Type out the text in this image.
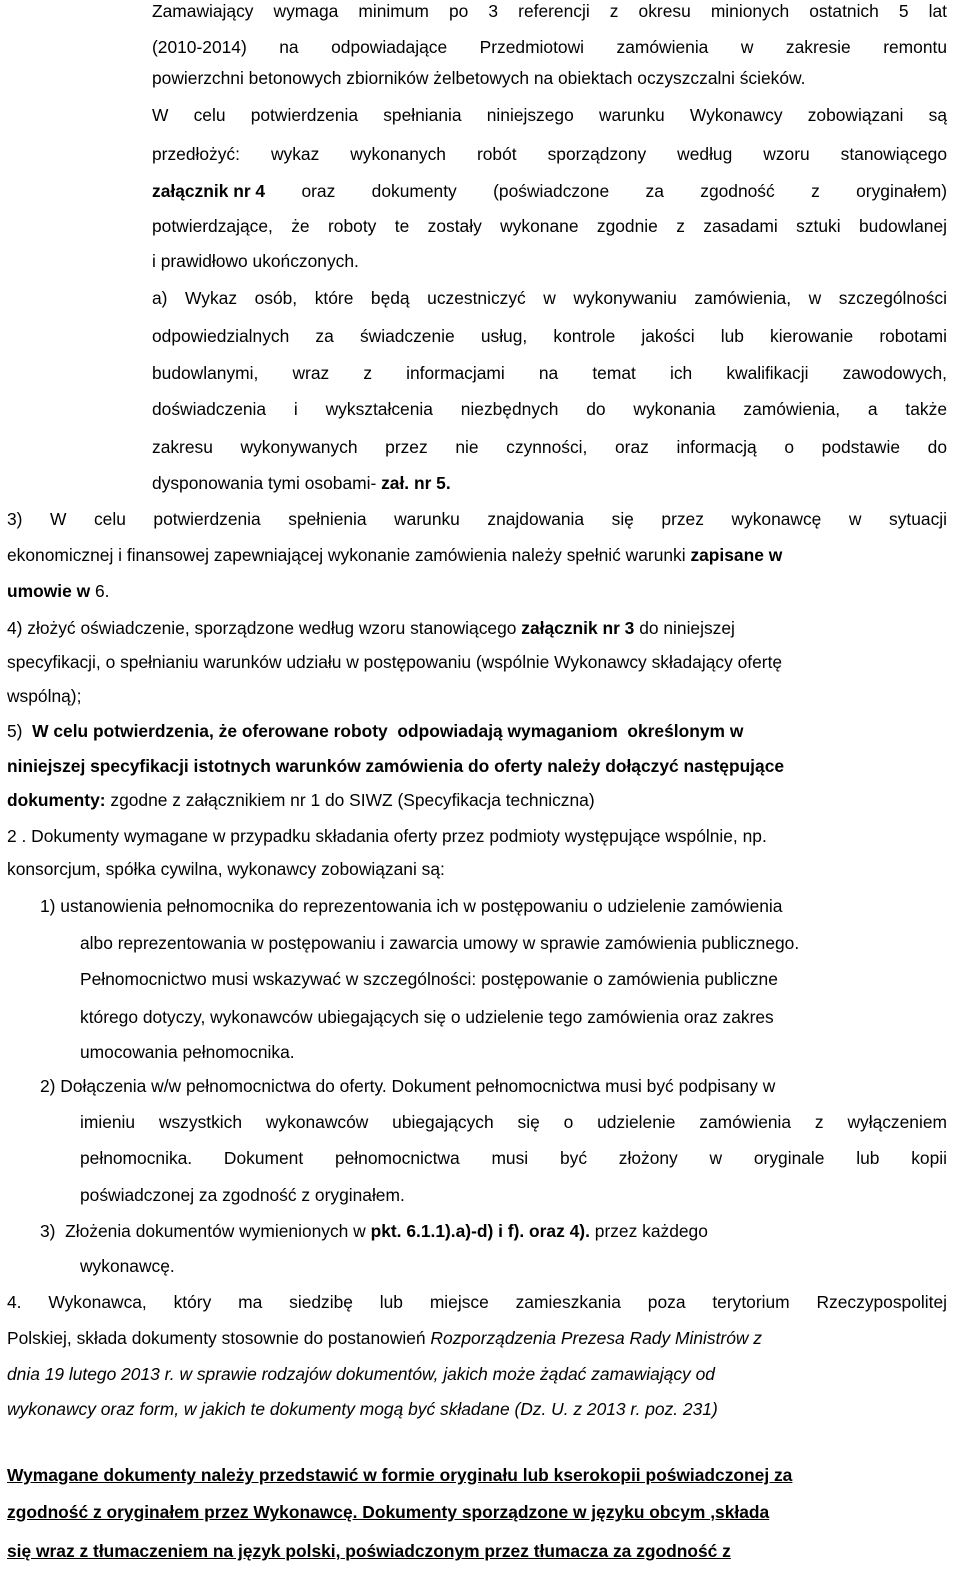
Zamawiający wymaga minimum po 3 referencji z okresu minionych ostatnich 5 lat
(2010-2014) na odpowiadające Przedmiotowi zamówienia w zakresie remontu
powierzchni betonowych zbiorników żelbetowych na obiektach oczyszczalni ścieków.
W celu potwierdzenia spełniania niniejszego warunku Wykonawcy zobowiązani są
przedłożyć: wykaz wykonanych robót sporządzony według wzoru stanowiącego
załącznik nr 4 oraz dokumenty (poświadczone za zgodność z oryginałem)
potwierdzające, że roboty te zostały wykonane zgodnie z zasadami sztuki budowlanej
i prawidłowo ukończonych.
a) Wykaz osób, które będą uczestniczyć w wykonywaniu zamówienia, w szczególności
odpowiedzialnych za świadczenie usług, kontrole jakości lub kierowanie robotami
budowlanymi, wraz z informacjami na temat ich kwalifikacji zawodowych,
doświadczenia i wykształcenia niezbędnych do wykonania zamówienia, a także
zakresu wykonywanych przez nie czynności, oraz informacją o podstawie do
dysponowania tymi osobami- zał. nr 5.
3) W celu potwierdzenia spełnienia warunku znajdowania się przez wykonawcę w sytuacji
ekonomicznej i finansowej zapewniającej wykonanie zamówienia należy spełnić warunki zapisane w
umowie w 6.
4) złożyć oświadczenie, sporządzone według wzoru stanowiącego załącznik nr 3 do niniejszej
specyfikacji, o spełnianiu warunków udziału w postępowaniu (wspólnie Wykonawcy składający ofertę
wspólną);
5)  W celu potwierdzenia, że oferowane roboty  odpowiadają wymaganiom  określonym w
niniejszej specyfikacji istotnych warunków zamówienia do oferty należy dołączyć następujące
dokumenty: zgodne z załącznikiem nr 1 do SIWZ (Specyfikacja techniczna)
2 . Dokumenty wymagane w przypadku składania oferty przez podmioty występujące wspólnie, np.
konsorcjum, spółka cywilna, wykonawcy zobowiązani są:
1) ustanowienia pełnomocnika do reprezentowania ich w postępowaniu o udzielenie zamówienia
albo reprezentowania w postępowaniu i zawarcia umowy w sprawie zamówienia publicznego.
Pełnomocnictwo musi wskazywać w szczególności: postępowanie o zamówienia publiczne
którego dotyczy, wykonawców ubiegających się o udzielenie tego zamówienia oraz zakres
umocowania pełnomocnika.
2) Dołączenia w/w pełnomocnictwa do oferty. Dokument pełnomocnictwa musi być podpisany w
imieniu wszystkich wykonawców ubiegających się o udzielenie zamówienia z wyłączeniem
pełnomocnika. Dokument pełnomocnictwa musi być złożony w oryginale lub kopii
poświadczonej za zgodność z oryginałem.
3)  Złożenia dokumentów wymienionych w pkt. 6.1.1).a)-d) i f). oraz 4). przez każdego
wykonawcę.
4. Wykonawca, który ma siedzibę lub miejsce zamieszkania poza terytorium Rzeczypospolitej
Polskiej, składa dokumenty stosownie do postanowień Rozporządzenia Prezesa Rady Ministrów z
dnia 19 lutego 2013 r. w sprawie rodzajów dokumentów, jakich może żądać zamawiający od
wykonawcy oraz form, w jakich te dokumenty mogą być składane (Dz. U. z 2013 r. poz. 231)
Wymagane dokumenty należy przedstawić w formie oryginału lub kserokopii poświadczonej za
zgodność z oryginałem przez Wykonawcę. Dokumenty sporządzone w języku obcym ,składa
się wraz z tłumaczeniem na język polski, poświadczonym przez tłumacza za zgodność z
